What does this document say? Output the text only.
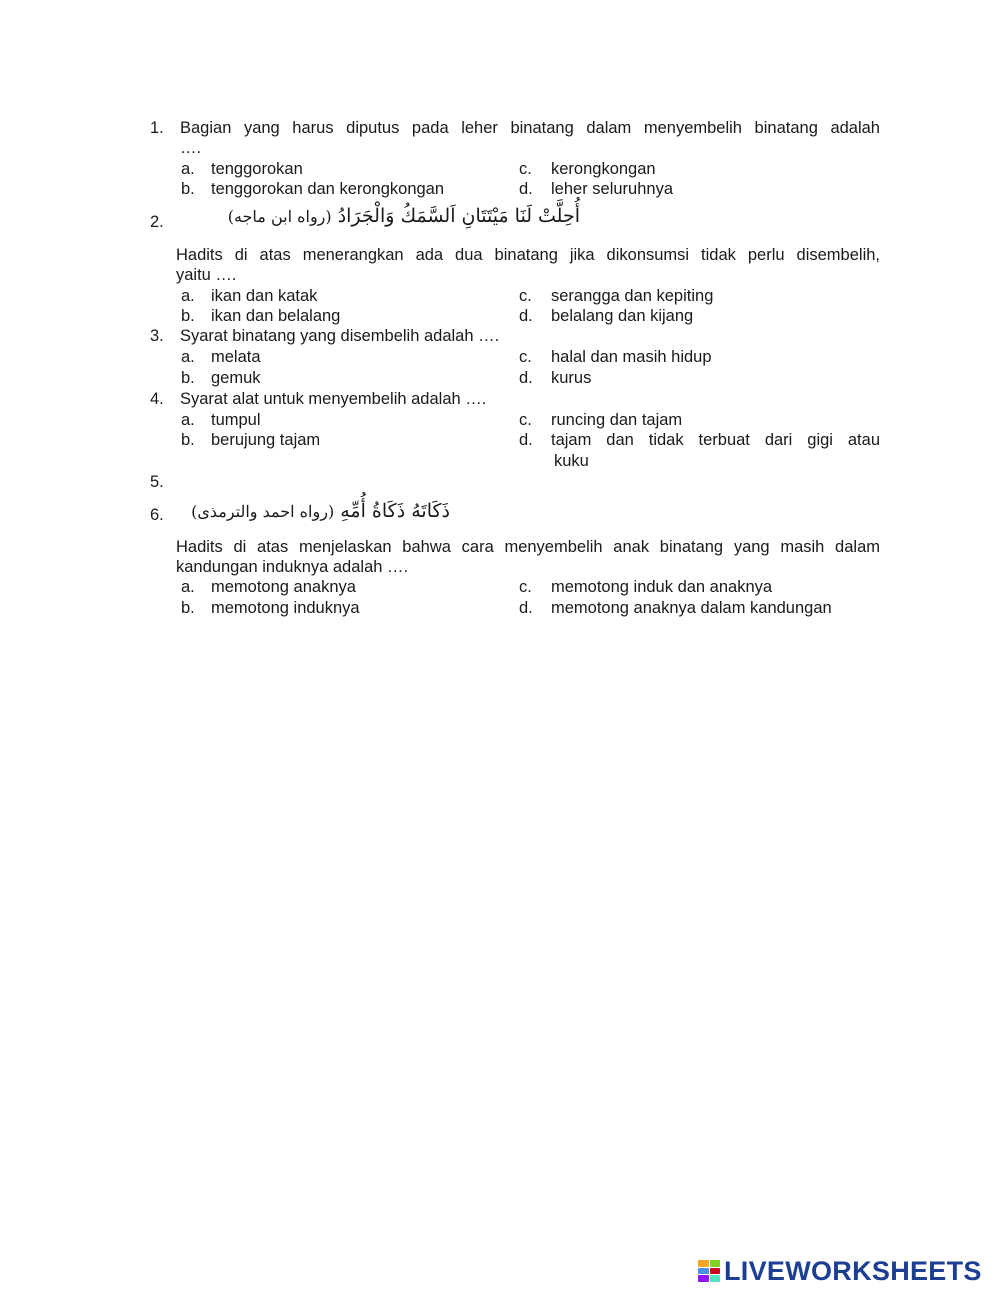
1. Bagian yang harus diputus pada leher binatang dalam menyembelih binatang adalah
….
a. tenggorokan
b. tenggorokan dan kerongkongan
c. kerongkongan
d. leher seluruhnya
2.	أُحِلَّتْ لَنَا مَيْتَتَانِ اَلسَّمَكُ وَالْجَرَادُ (رواه ابن ماجه)
Hadits di atas menerangkan ada dua binatang jika dikonsumsi tidak perlu disembelih,
yaitu ….
a. ikan dan katak
b. ikan dan belalang
c. serangga dan kepiting
d. belalang dan kijang
3. Syarat binatang yang disembelih adalah ….
a. melata
b. gemuk
c. halal dan masih hidup
d. kurus
4. Syarat alat untuk menyembelih adalah ….
a. tumpul
b. berujung tajam
c. runcing dan tajam
d. tajam dan tidak terbuat dari gigi atau
kuku
5.
6.	ذَكَاتَهُ ذَكَاةُ أُمِّهِ (رواه احمد والترمذى)
Hadits di atas menjelaskan bahwa cara menyembelih anak binatang yang masih dalam
kandungan induknya adalah ….
a. memotong anaknya
b. memotong induknya
c. memotong induk dan anaknya
d. memotong anaknya dalam kandungan
LIVEWORKSHEETS
